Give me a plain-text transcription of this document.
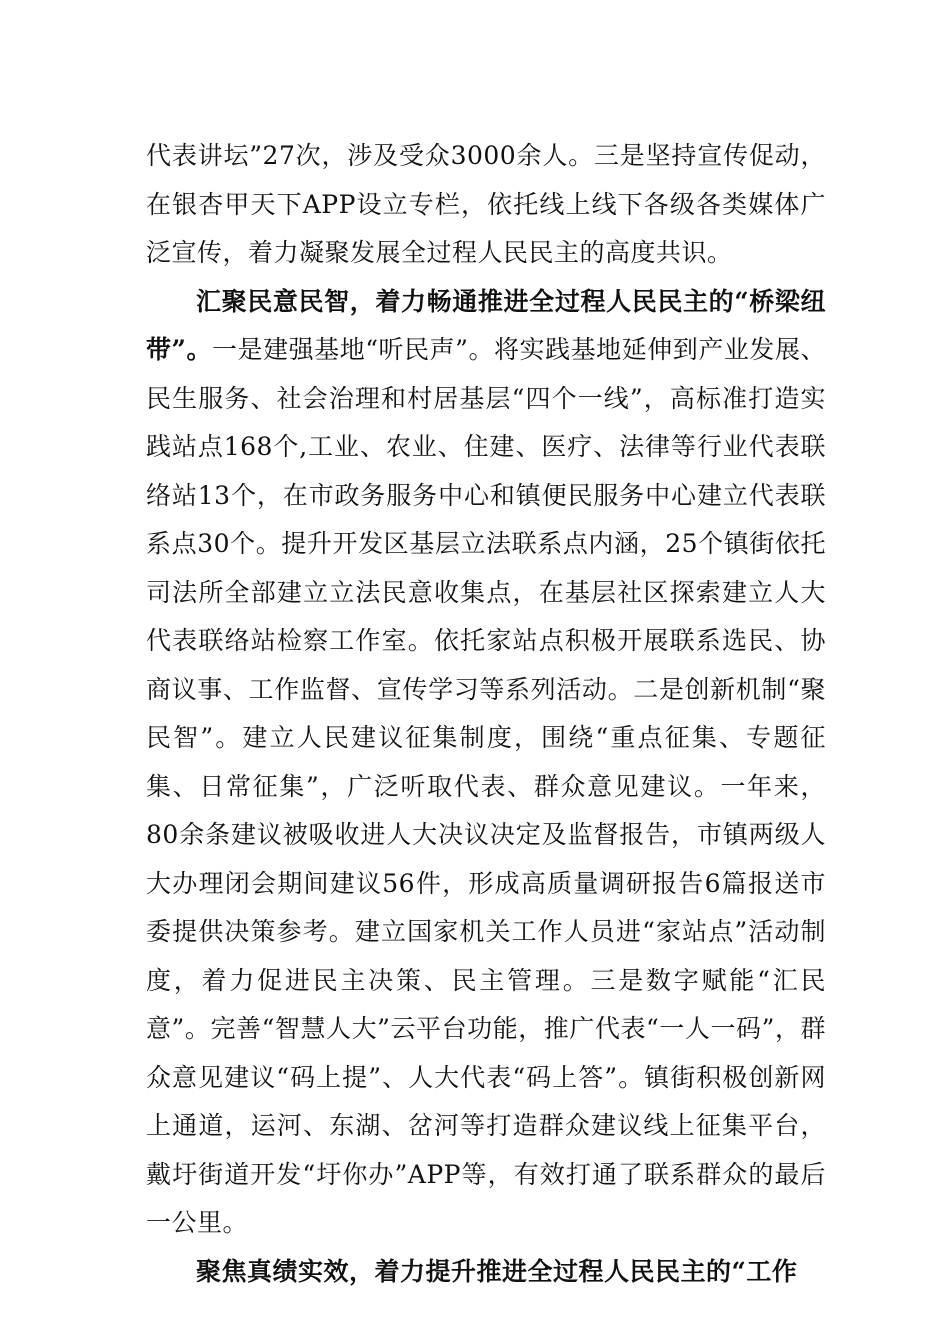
代表讲坛”27次，涉及受众3000余人。三是坚持宣传促动，在银杏甲天下APP设立专栏，依托线上线下各级各类媒体广泛宣传，着力凝聚发展全过程人民民主的高度共识。

汇聚民意民智，着力畅通推进全过程人民民主的“桥梁纽带”。一是建强基地“听民声”。将实践基地延伸到产业发展、民生服务、社会治理和村居基层“四个一线”，高标准打造实践站点168个,工业、农业、住建、医疗、法律等行业代表联络站13个，在市政务服务中心和镇便民服务中心建立代表联系点30个。提升开发区基层立法联系点内涵，25个镇街依托司法所全部建立立法民意收集点，在基层社区探索建立人大代表联络站检察工作室。依托家站点积极开展联系选民、协商议事、工作监督、宣传学习等系列活动。二是创新机制“聚民智”。建立人民建议征集制度，围绕“重点征集、专题征集、日常征集”，广泛听取代表、群众意见建议。一年来，80余条建议被吸收进人大决议决定及监督报告，市镇两级人大办理闭会期间建议56件，形成高质量调研报告6篇报送市委提供决策参考。建立国家机关工作人员进“家站点”活动制度，着力促进民主决策、民主管理。三是数字赋能“汇民意”。完善“智慧人大”云平台功能，推广代表“一人一码”，群众意见建议“码上提”、人大代表“码上答”。镇街积极创新网上通道，运河、东湖、岔河等打造群众建议线上征集平台，戴圩街道开发“圩你办”APP等，有效打通了联系群众的最后一公里。

聚焦真绩实效，着力提升推进全过程人民民主的“工作
